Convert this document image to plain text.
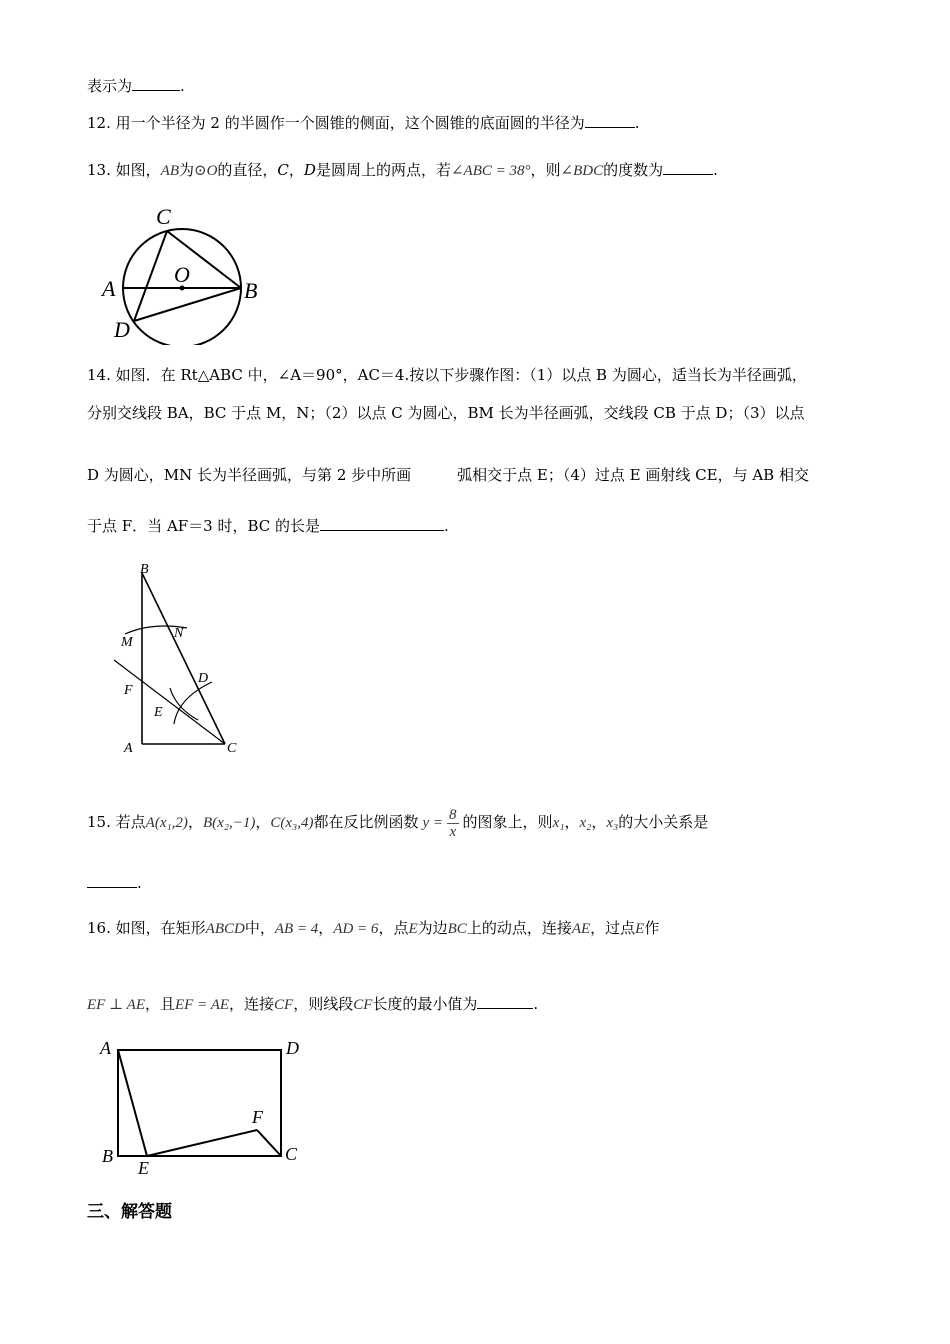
表示为	.
12. 用一个半径为 2 的半圆作一个圆锥的侧面，这个圆锥的底面圆的半径为	.
13. 如图，AB为⊙O的直径，C，D是圆周上的两点，若∠ABC = 38°，则∠BDC的度数为	.
C
O
A	B
D
14. 如图．在 Rt△ABC 中，∠A＝90°，AC＝4.按以下步骤作图：（1）以点 B 为圆心，适当长为半径画弧，
分别交线段 BA，BC 于点 M，N；（2）以点 C 为圆心，BM 长为半径画弧，交线段 CB 于点 D；（3）以点
D 为圆心，MN 长为半径画弧，与第 2 步中所画	弧相交于点 E；（4）过点 E 画射线 CE，与 AB 相交
于点 F．当 AF＝3 时，BC 的长是	.
B
M
N
F
D
E
A	C
15. 若点A(x₁,2)，B(x₂,−1)，C(x₃,4)都在反比例函数 $y = \frac{8}{x}$ 的图象上，则x₁，x₂，x₃的大小关系是
.
16. 如图，在矩形ABCD中，AB = 4，AD = 6，点E为边BC上的动点，连接AE，过点E作
EF ⊥ AE，且EF = AE，连接CF，则线段CF长度的最小值为	.
A	D
F
B
E
C
三、解答题
